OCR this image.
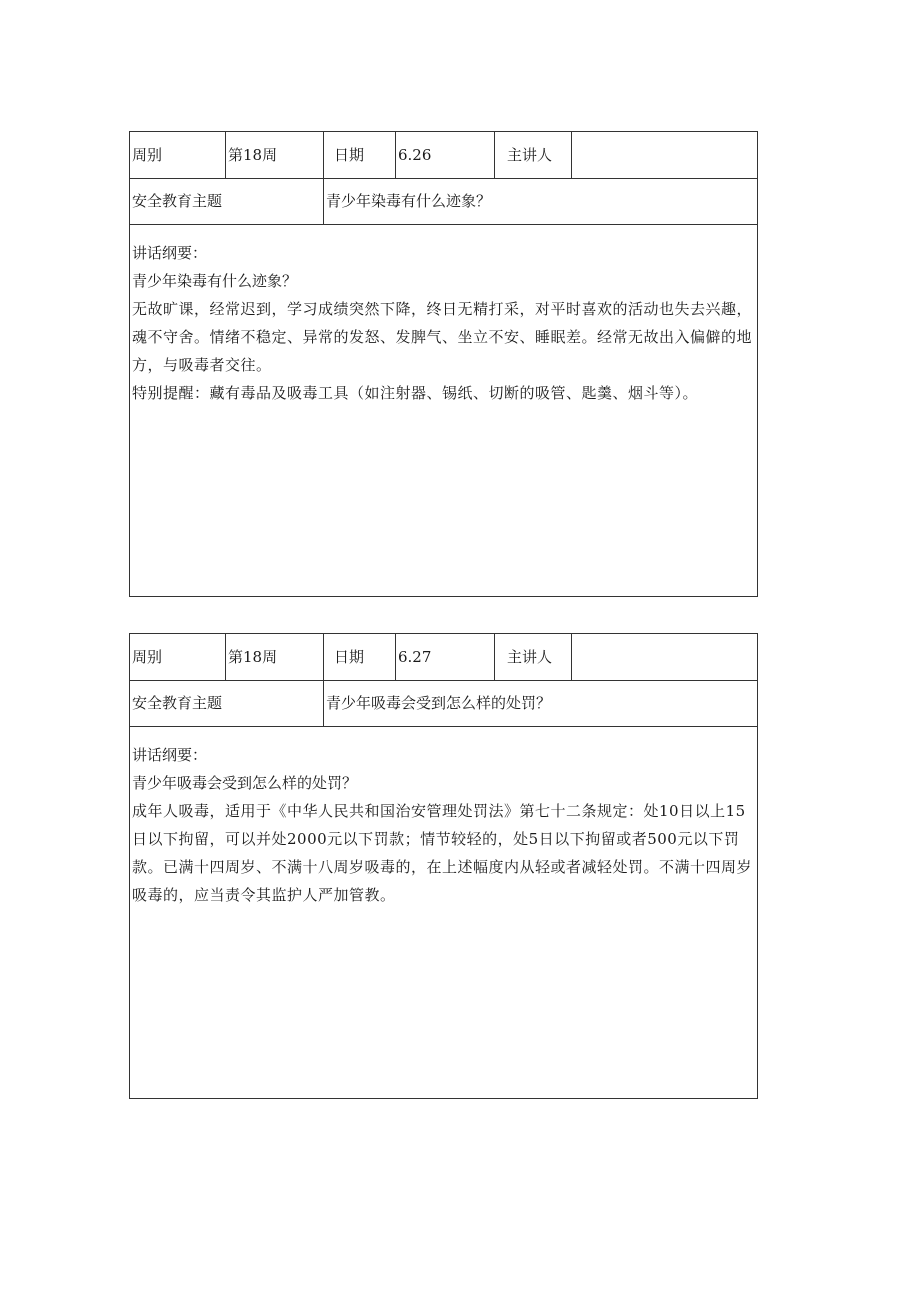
周别	第18周	日期	6.26	主讲人
安全教育主题	青少年染毒有什么迹象？

讲话纲要：

青少年染毒有什么迹象？

无故旷课，经常迟到，学习成绩突然下降，终日无精打采，对平时喜欢的活动也失去兴趣，魂不守舍。情绪不稳定、异常的发怒、发脾气、坐立不安、睡眠差。经常无故出入偏僻的地方，与吸毒者交往。

特别提醒：藏有毒品及吸毒工具（如注射器、锡纸、切断的吸管、匙羹、烟斗等）。

周别	第18周	日期	6.27	主讲人
安全教育主题	青少年吸毒会受到怎么样的处罚？

讲话纲要：

青少年吸毒会受到怎么样的处罚？

成年人吸毒，适用于《中华人民共和国治安管理处罚法》第七十二条规定：处10日以上15日以下拘留，可以并处2000元以下罚款；情节较轻的，处5日以下拘留或者500元以下罚款。已满十四周岁、不满十八周岁吸毒的，在上述幅度内从轻或者减轻处罚。不满十四周岁吸毒的，应当责令其监护人严加管教。
